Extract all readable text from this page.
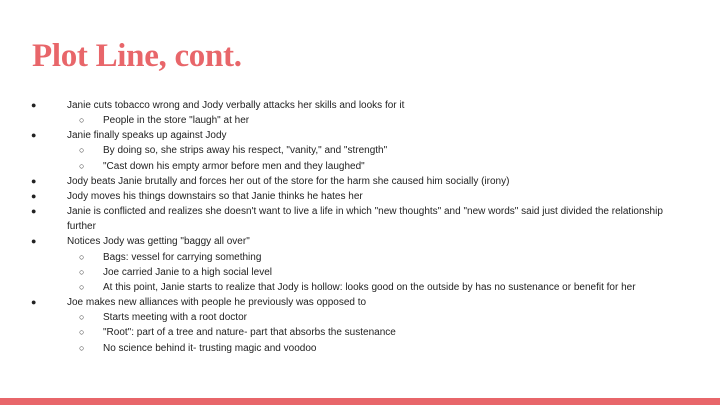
Plot Line, cont.
●	Janie cuts tobacco wrong and Jody verbally attacks her skills and looks for it
○ People in the store "laugh" at her
●	Janie finally speaks up against Jody
○ By doing so, she strips away his respect, "vanity," and "strength"
○ "Cast down his empty armor before men and they laughed"
●	Jody beats Janie brutally and forces her out of the store for the harm she caused him socially (irony)
●	Jody moves his things downstairs so that Janie thinks he hates her
●	Janie is conflicted and realizes she doesn't want to live a life in which "new thoughts" and "new words" said just divided the relationship further
●	Notices Jody was getting "baggy all over"
○ Bags: vessel for carrying something
○ Joe carried Janie to a high social level
○ At this point, Janie starts to realize that Jody is hollow: looks good on the outside by has no sustenance or benefit for her
●	Joe makes new alliances with people he previously was opposed to
○ Starts meeting with a root doctor
○ "Root": part of a tree and nature- part that absorbs the sustenance
○ No science behind it- trusting magic and voodoo
